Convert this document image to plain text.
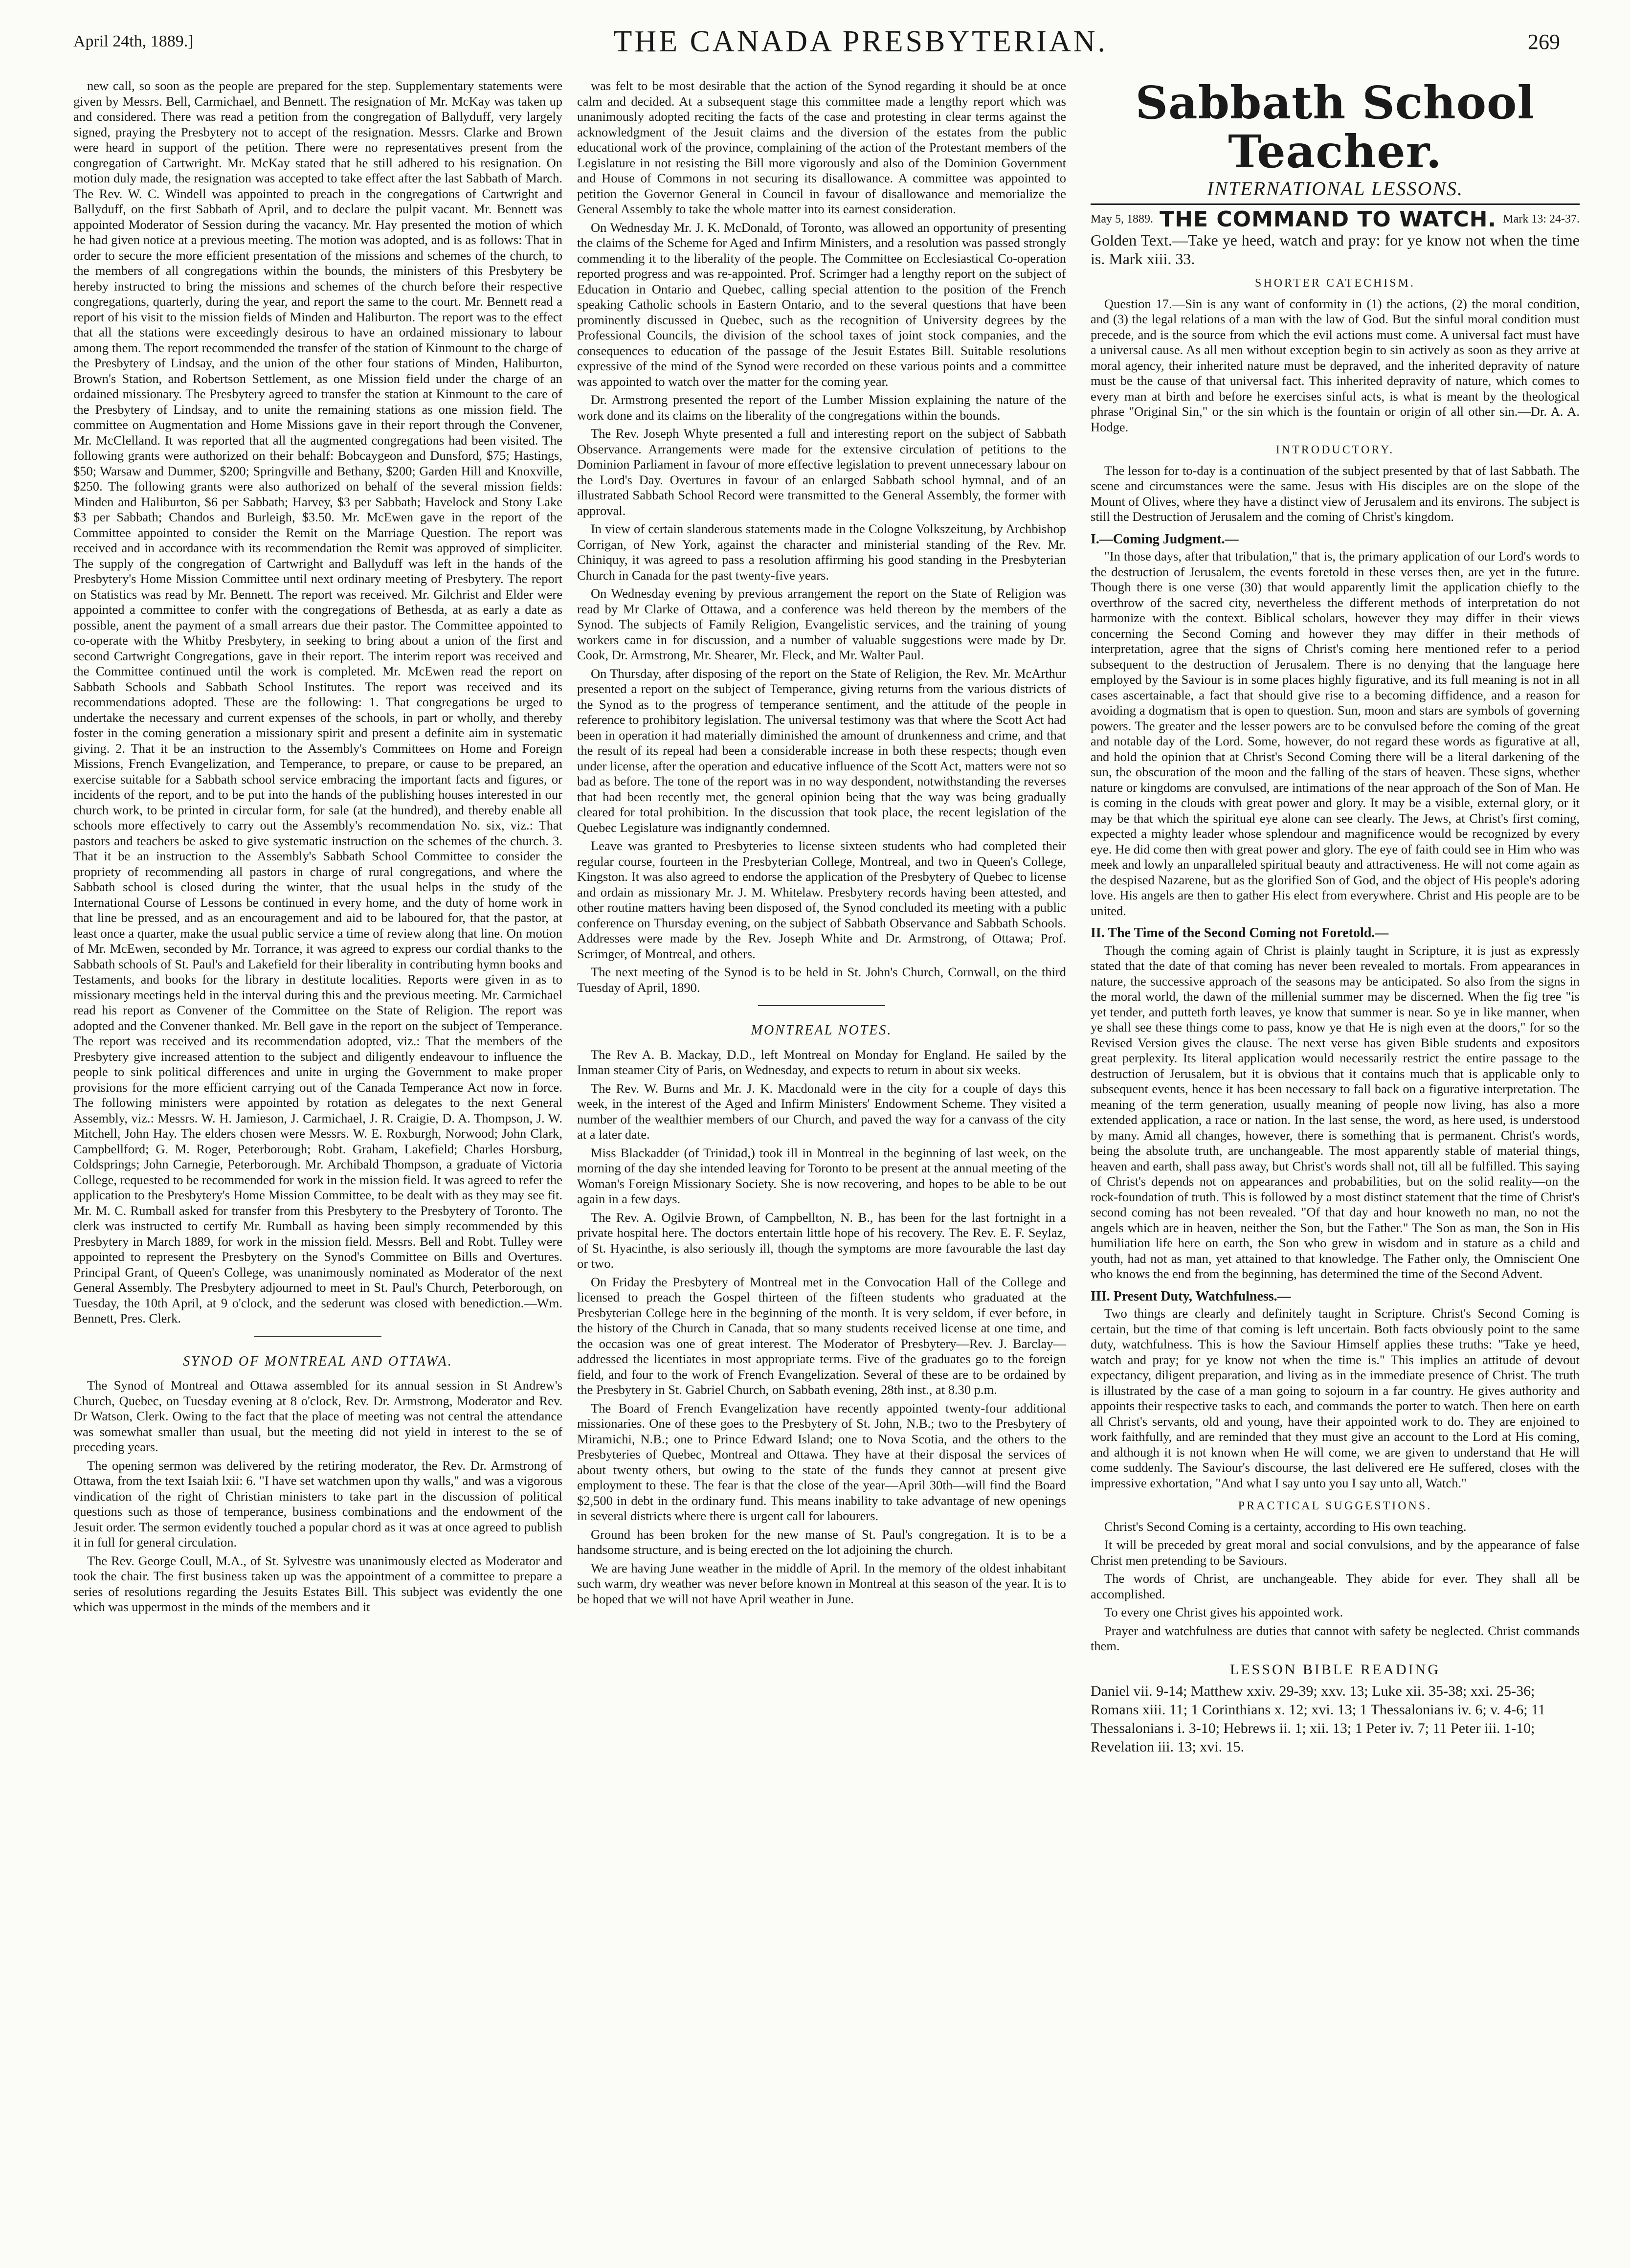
April 24th, 1889.]	THE CANADA PRESBYTERIAN.	269

new call, so soon as the people are prepared for the step. Supplementary statements were given by Messrs. Bell, Carmichael, and Bennett. The resignation of Mr. McKay was taken up and considered. There was read a petition from the congregation of Ballyduff, very largely signed, praying the Presbytery not to accept of the resignation. Messrs. Clarke and Brown were heard in support of the petition. There were no representatives present from the congregation of Cartwright. Mr. McKay stated that he still adhered to his resignation. On motion duly made, the resignation was accepted to take effect after the last Sabbath of March. The Rev. W. C. Windell was appointed to preach in the congregations of Cartwright and Ballyduff, on the first Sabbath of April, and to declare the pulpit vacant. Mr. Bennett was appointed Moderator of Session during the vacancy. Mr. Hay presented the motion of which he had given notice at a previous meeting. The motion was adopted, and is as follows: That in order to secure the more efficient presentation of the missions and schemes of the church, to the members of all congregations within the bounds, the ministers of this Presbytery be hereby instructed to bring the missions and schemes of the church before their respective congregations, quarterly, during the year, and report the same to the court. Mr. Bennett read a report of his visit to the mission fields of Minden and Haliburton. The report was to the effect that all the stations were exceedingly desirous to have an ordained missionary to labour among them. The report recommended the transfer of the station of Kinmount to the charge of the Presbytery of Lindsay, and the union of the other four stations of Minden, Haliburton, Brown's Station, and Robertson Settlement, as one Mission field under the charge of an ordained missionary. The Presbytery agreed to transfer the station at Kinmount to the care of the Presbytery of Lindsay, and to unite the remaining stations as one mission field. The committee on Augmentation and Home Missions gave in their report through the Convener, Mr. McClelland. It was reported that all the augmented congregations had been visited. The following grants were authorized on their behalf: Bobcaygeon and Dunsford, $75; Hastings, $50; Warsaw and Dummer, $200; Springville and Bethany, $200; Garden Hill and Knoxville, $250. The following grants were also authorized on behalf of the several mission fields: Minden and Haliburton, $6 per Sabbath; Harvey, $3 per Sabbath; Havelock and Stony Lake $3 per Sabbath; Chandos and Burleigh, $3.50. Mr. McEwen gave in the report of the Committee appointed to consider the Remit on the Marriage Question. The report was received and in accordance with its recommendation the Remit was approved of simpliciter. The supply of the congregation of Cartwright and Ballyduff was left in the hands of the Presbytery's Home Mission Committee until next ordinary meeting of Presbytery. The report on Statistics was read by Mr. Bennett. The report was received. Mr. Gilchrist and Elder were appointed a committee to confer with the congregations of Bethesda, at as early a date as possible, anent the payment of a small arrears due their pastor. The Committee appointed to co-operate with the Whitby Presbytery, in seeking to bring about a union of the first and second Cartwright Congregations, gave in their report. The interim report was received and the Committee continued until the work is completed. Mr. McEwen read the report on Sabbath Schools and Sabbath School Institutes. The report was received and its recommendations adopted. These are the following: 1. That congregations be urged to undertake the necessary and current expenses of the schools, in part or wholly, and thereby foster in the coming generation a missionary spirit and present a definite aim in systematic giving. 2. That it be an instruction to the Assembly's Committees on Home and Foreign Missions, French Evangelization, and Temperance, to prepare, or cause to be prepared, an exercise suitable for a Sabbath school service embracing the important facts and figures, or incidents of the report, and to be put into the hands of the publishing houses interested in our church work, to be printed in circular form, for sale (at the hundred), and thereby enable all schools more effectively to carry out the Assembly's recommendation No. six, viz.: That pastors and teachers be asked to give systematic instruction on the schemes of the church. 3. That it be an instruction to the Assembly's Sabbath School Committee to consider the propriety of recommending all pastors in charge of rural congregations, and where the Sabbath school is closed during the winter, that the usual helps in the study of the International Course of Lessons be continued in every home, and the duty of home work in that line be pressed, and as an encouragement and aid to be laboured for, that the pastor, at least once a quarter, make the usual public service a time of review along that line. On motion of Mr. McEwen, seconded by Mr. Torrance, it was agreed to express our cordial thanks to the Sabbath schools of St. Paul's and Lakefield for their liberality in contributing hymn books and Testaments, and books for the library in destitute localities. Reports were given in as to missionary meetings held in the interval during this and the previous meeting. Mr. Carmichael read his report as Convener of the Committee on the State of Religion. The report was adopted and the Convener thanked. Mr. Bell gave in the report on the subject of Temperance. The report was received and its recommendation adopted, viz.: That the members of the Presbytery give increased attention to the subject and diligently endeavour to influence the people to sink political differences and unite in urging the Government to make proper provisions for the more efficient carrying out of the Canada Temperance Act now in force. The following ministers were appointed by rotation as delegates to the next General Assembly, viz.: Messrs. W. H. Jamieson, J. Carmichael, J. R. Craigie, D. A. Thompson, J. W. Mitchell, John Hay. The elders chosen were Messrs. W. E. Roxburgh, Norwood; John Clark, Campbellford; G. M. Roger, Peterborough; Robt. Graham, Lakefield; Charles Horsburg, Coldsprings; John Carnegie, Peterborough. Mr. Archibald Thompson, a graduate of Victoria College, requested to be recommended for work in the mission field. It was agreed to refer the application to the Presbytery's Home Mission Committee, to be dealt with as they may see fit. Mr. M. C. Rumball asked for transfer from this Presbytery to the Presbytery of Toronto. The clerk was instructed to certify Mr. Rumball as having been simply recommended by this Presbytery in March 1889, for work in the mission field. Messrs. Bell and Robt. Tulley were appointed to represent the Presbytery on the Synod's Committee on Bills and Overtures. Principal Grant, of Queen's College, was unanimously nominated as Moderator of the next General Assembly. The Presbytery adjourned to meet in St. Paul's Church, Peterborough, on Tuesday, the 10th April, at 9 o'clock, and the sederunt was closed with benediction.—Wm. Bennett, Pres. Clerk.

SYNOD OF MONTREAL AND OTTAWA.

The Synod of Montreal and Ottawa assembled for its annual session in St Andrew's Church, Quebec, on Tuesday evening at 8 o'clock, Rev. Dr. Armstrong, Moderator and Rev. Dr Watson, Clerk. Owing to the fact that the place of meeting was not central the attendance was somewhat smaller than usual, but the meeting did not yield in interest to the se of preceding years.

The opening sermon was delivered by the retiring moderator, the Rev. Dr. Armstrong of Ottawa, from the text Isaiah lxii: 6. "I have set watchmen upon thy walls," and was a vigorous vindication of the right of Christian ministers to take part in the discussion of political questions such as those of temperance, business combinations and the endowment of the Jesuit order. The sermon evidently touched a popular chord as it was at once agreed to publish it in full for general circulation.

The Rev. George Coull, M.A., of St. Sylvestre was unanimously elected as Moderator and took the chair. The first business taken up was the appointment of a committee to prepare a series of resolutions regarding the Jesuits Estates Bill. This subject was evidently the one which was uppermost in the minds of the members and it

was felt to be most desirable that the action of the Synod regarding it should be at once calm and decided. At a subsequent stage this committee made a lengthy report which was unanimously adopted reciting the facts of the case and protesting in clear terms against the acknowledgment of the Jesuit claims and the diversion of the estates from the public educational work of the province, complaining of the action of the Protestant members of the Legislature in not resisting the Bill more vigorously and also of the Dominion Government and House of Commons in not securing its disallowance. A committee was appointed to petition the Governor General in Council in favour of disallowance and memorialize the General Assembly to take the whole matter into its earnest consideration.

On Wednesday Mr. J. K. McDonald, of Toronto, was allowed an opportunity of presenting the claims of the Scheme for Aged and Infirm Ministers, and a resolution was passed strongly commending it to the liberality of the people. The Committee on Ecclesiastical Co-operation reported progress and was re-appointed. Prof. Scrimger had a lengthy report on the subject of Education in Ontario and Quebec, calling special attention to the position of the French speaking Catholic schools in Eastern Ontario, and to the several questions that have been prominently discussed in Quebec, such as the recognition of University degrees by the Professional Councils, the division of the school taxes of joint stock companies, and the consequences to education of the passage of the Jesuit Estates Bill. Suitable resolutions expressive of the mind of the Synod were recorded on these various points and a committee was appointed to watch over the matter for the coming year.

Dr. Armstrong presented the report of the Lumber Mission explaining the nature of the work done and its claims on the liberality of the congregations within the bounds.

The Rev. Joseph Whyte presented a full and interesting report on the subject of Sabbath Observance. Arrangements were made for the extensive circulation of petitions to the Dominion Parliament in favour of more effective legislation to prevent unnecessary labour on the Lord's Day. Overtures in favour of an enlarged Sabbath school hymnal, and of an illustrated Sabbath School Record were transmitted to the General Assembly, the former with approval.

In view of certain slanderous statements made in the Cologne Volkszeitung, by Archbishop Corrigan, of New York, against the character and ministerial standing of the Rev. Mr. Chiniquy, it was agreed to pass a resolution affirming his good standing in the Presbyterian Church in Canada for the past twenty-five years.

On Wednesday evening by previous arrangement the report on the State of Religion was read by Mr Clarke of Ottawa, and a conference was held thereon by the members of the Synod. The subjects of Family Religion, Evangelistic services, and the training of young workers came in for discussion, and a number of valuable suggestions were made by Dr. Cook, Dr. Armstrong, Mr. Shearer, Mr. Fleck, and Mr. Walter Paul.

On Thursday, after disposing of the report on the State of Religion, the Rev. Mr. McArthur presented a report on the subject of Temperance, giving returns from the various districts of the Synod as to the progress of temperance sentiment, and the attitude of the people in reference to prohibitory legislation. The universal testimony was that where the Scott Act had been in operation it had materially diminished the amount of drunkenness and crime, and that the result of its repeal had been a considerable increase in both these respects; though even under license, after the operation and educative influence of the Scott Act, matters were not so bad as before. The tone of the report was in no way despondent, notwithstanding the reverses that had been recently met, the general opinion being that the way was being gradually cleared for total prohibition. In the discussion that took place, the recent legislation of the Quebec Legislature was indignantly condemned.

Leave was granted to Presbyteries to license sixteen students who had completed their regular course, fourteen in the Presbyterian College, Montreal, and two in Queen's College, Kingston. It was also agreed to endorse the application of the Presbytery of Quebec to license and ordain as missionary Mr. J. M. Whitelaw. Presbytery records having been attested, and other routine matters having been disposed of, the Synod concluded its meeting with a public conference on Thursday evening, on the subject of Sabbath Observance and Sabbath Schools. Addresses were made by the Rev. Joseph White and Dr. Armstrong, of Ottawa; Prof. Scrimger, of Montreal, and others.

The next meeting of the Synod is to be held in St. John's Church, Cornwall, on the third Tuesday of April, 1890.

MONTREAL NOTES.

The Rev A. B. Mackay, D.D., left Montreal on Monday for England. He sailed by the Inman steamer City of Paris, on Wednesday, and expects to return in about six weeks.

The Rev. W. Burns and Mr. J. K. Macdonald were in the city for a couple of days this week, in the interest of the Aged and Infirm Ministers' Endowment Scheme. They visited a number of the wealthier members of our Church, and paved the way for a canvass of the city at a later date.

Miss Blackadder (of Trinidad,) took ill in Montreal in the beginning of last week, on the morning of the day she intended leaving for Toronto to be present at the annual meeting of the Woman's Foreign Missionary Society. She is now recovering, and hopes to be able to be out again in a few days.

The Rev. A. Ogilvie Brown, of Campbellton, N. B., has been for the last fortnight in a private hospital here. The doctors entertain little hope of his recovery. The Rev. E. F. Seylaz, of St. Hyacinthe, is also seriously ill, though the symptoms are more favourable the last day or two.

On Friday the Presbytery of Montreal met in the Convocation Hall of the College and licensed to preach the Gospel thirteen of the fifteen students who graduated at the Presbyterian College here in the beginning of the month. It is very seldom, if ever before, in the history of the Church in Canada, that so many students received license at one time, and the occasion was one of great interest. The Moderator of Presbytery—Rev. J. Barclay—addressed the licentiates in most appropriate terms. Five of the graduates go to the foreign field, and four to the work of French Evangelization. Several of these are to be ordained by the Presbytery in St. Gabriel Church, on Sabbath evening, 28th inst., at 8.30 p.m.

The Board of French Evangelization have recently appointed twenty-four additional missionaries. One of these goes to the Presbytery of St. John, N.B.; two to the Presbytery of Miramichi, N.B.; one to Prince Edward Island; one to Nova Scotia, and the others to the Presbyteries of Quebec, Montreal and Ottawa. They have at their disposal the services of about twenty others, but owing to the state of the funds they cannot at present give employment to these. The fear is that the close of the year—April 30th—will find the Board $2,500 in debt in the ordinary fund. This means inability to take advantage of new openings in several districts where there is urgent call for labourers.

Ground has been broken for the new manse of St. Paul's congregation. It is to be a handsome structure, and is being erected on the lot adjoining the church.

We are having June weather in the middle of April. In the memory of the oldest inhabitant such warm, dry weather was never before known in Montreal at this season of the year. It is to be hoped that we will not have April weather in June.

Sabbath School Teacher.
INTERNATIONAL LESSONS.
May 5, 1889. THE COMMAND TO WATCH. Mark 13: 24-37.
Golden Text.—Take ye heed, watch and pray: for ye know not when the time is. Mark xiii. 33.
SHORTER CATECHISM.

Question 17.—Sin is any want of conformity in (1) the actions, (2) the moral condition, and (3) the legal relations of a man with the law of God. But the sinful moral condition must precede, and is the source from which the evil actions must come. A universal fact must have a universal cause. As all men without exception begin to sin actively as soon as they arrive at moral agency, their inherited nature must be depraved, and the inherited depravity of nature must be the cause of that universal fact. This inherited depravity of nature, which comes to every man at birth and before he exercises sinful acts, is what is meant by the theological phrase "Original Sin," or the sin which is the fountain or origin of all other sin.—Dr. A. A. Hodge.

INTRODUCTORY.

The lesson for to-day is a continuation of the subject presented by that of last Sabbath. The scene and circumstances were the same. Jesus with His disciples are on the slope of the Mount of Olives, where they have a distinct view of Jerusalem and its environs. The subject is still the Destruction of Jerusalem and the coming of Christ's kingdom.

I.—Coming Judgment.—

"In those days, after that tribulation," that is, the primary application of our Lord's words to the destruction of Jerusalem, the events foretold in these verses then, are yet in the future. Though there is one verse (30) that would apparently limit the application chiefly to the overthrow of the sacred city, nevertheless the different methods of interpretation do not harmonize with the context. Biblical scholars, however they may differ in their views concerning the Second Coming and however they may differ in their methods of interpretation, agree that the signs of Christ's coming here mentioned refer to a period subsequent to the destruction of Jerusalem. There is no denying that the language here employed by the Saviour is in some places highly figurative, and its full meaning is not in all cases ascertainable, a fact that should give rise to a becoming diffidence, and a reason for avoiding a dogmatism that is open to question. Sun, moon and stars are symbols of governing powers. The greater and the lesser powers are to be convulsed before the coming of the great and notable day of the Lord. Some, however, do not regard these words as figurative at all, and hold the opinion that at Christ's Second Coming there will be a literal darkening of the sun, the obscuration of the moon and the falling of the stars of heaven. These signs, whether nature or kingdoms are convulsed, are intimations of the near approach of the Son of Man. He is coming in the clouds with great power and glory. It may be a visible, external glory, or it may be that which the spiritual eye alone can see clearly. The Jews, at Christ's first coming, expected a mighty leader whose splendour and magnificence would be recognized by every eye. He did come then with great power and glory. The eye of faith could see in Him who was meek and lowly an unparalleled spiritual beauty and attractiveness. He will not come again as the despised Nazarene, but as the glorified Son of God, and the object of His people's adoring love. His angels are then to gather His elect from everywhere. Christ and His people are to be united.

II. The Time of the Second Coming not Foretold.—

Though the coming again of Christ is plainly taught in Scripture, it is just as expressly stated that the date of that coming has never been revealed to mortals. From appearances in nature, the successive approach of the seasons may be anticipated. So also from the signs in the moral world, the dawn of the millenial summer may be discerned. When the fig tree "is yet tender, and putteth forth leaves, ye know that summer is near. So ye in like manner, when ye shall see these things come to pass, know ye that He is nigh even at the doors," for so the Revised Version gives the clause. The next verse has given Bible students and expositors great perplexity. Its literal application would necessarily restrict the entire passage to the destruction of Jerusalem, but it is obvious that it contains much that is applicable only to subsequent events, hence it has been necessary to fall back on a figurative interpretation. The meaning of the term generation, usually meaning of people now living, has also a more extended application, a race or nation. In the last sense, the word, as here used, is understood by many. Amid all changes, however, there is something that is permanent. Christ's words, being the absolute truth, are unchangeable. The most apparently stable of material things, heaven and earth, shall pass away, but Christ's words shall not, till all be fulfilled. This saying of Christ's depends not on appearances and probabilities, but on the solid reality—on the rock-foundation of truth. This is followed by a most distinct statement that the time of Christ's second coming has not been revealed. "Of that day and hour knoweth no man, no not the angels which are in heaven, neither the Son, but the Father." The Son as man, the Son in His humiliation life here on earth, the Son who grew in wisdom and in stature as a child and youth, had not as man, yet attained to that knowledge. The Father only, the Omniscient One who knows the end from the beginning, has determined the time of the Second Advent.

III. Present Duty, Watchfulness.—

Two things are clearly and definitely taught in Scripture. Christ's Second Coming is certain, but the time of that coming is left uncertain. Both facts obviously point to the same duty, watchfulness. This is how the Saviour Himself applies these truths: "Take ye heed, watch and pray; for ye know not when the time is." This implies an attitude of devout expectancy, diligent preparation, and living as in the immediate presence of Christ. The truth is illustrated by the case of a man going to sojourn in a far country. He gives authority and appoints their respective tasks to each, and commands the porter to watch. Then here on earth all Christ's servants, old and young, have their appointed work to do. They are enjoined to work faithfully, and are reminded that they must give an account to the Lord at His coming, and although it is not known when He will come, we are given to understand that He will come suddenly. The Saviour's discourse, the last delivered ere He suffered, closes with the impressive exhortation, "And what I say unto you I say unto all, Watch."

PRACTICAL SUGGESTIONS.

Christ's Second Coming is a certainty, according to His own teaching.

It will be preceded by great moral and social convulsions, and by the appearance of false Christ men pretending to be Saviours.

The words of Christ, are unchangeable. They abide for ever. They shall all be accomplished.

To every one Christ gives his appointed work.

Prayer and watchfulness are duties that cannot with safety be neglected. Christ commands them.

LESSON BIBLE READING
Daniel vii. 9-14; Matthew xxiv. 29-39; xxv. 13; Luke xii. 35-38; xxi. 25-36; Romans xiii. 11; 1 Corinthians x. 12; xvi. 13; 1 Thessalonians iv. 6; v. 4-6; 11 Thessalonians i. 3-10; Hebrews ii. 1; xii. 13; 1 Peter iv. 7; 11 Peter iii. 1-10; Revelation iii. 13; xvi. 15.
